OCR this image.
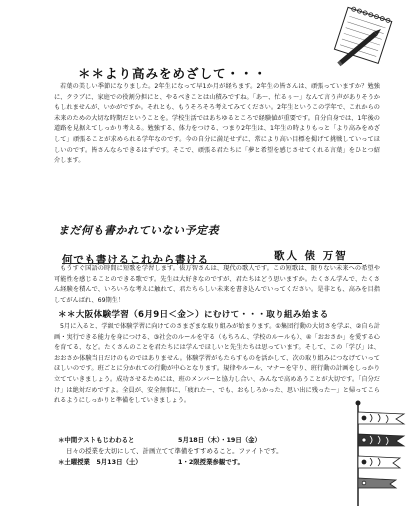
＊＊より高みをめざして・・・

若葉の美しい季節になりました。2年生になって早1か月が経ちます。2年生の皆さんは、頑張っていますか？勉強に、クラブに、家庭での役割分担にと、やるべきことは山積みですね。「あ～、忙るぅ～」なんて言う声がありそうかもしれませんが、いかがですか。それとも、もうそろそろ考えてみてください。2年生というこの学年で、これからの未来のための大切な時期だということを。学校生活ではあちゆるところで経験値が重要です。自分自身では、1年後の道路を見据えてしっかり考える。勉強する、体力をつける、つまり2年生は、1年生の時よりもっと「より高みをめざして」頑張ることが求められる学年なのです。今の自分に満足せずに、常により高い目標を掲げて挑戦していってほしいのです。皆さんならできるはずです。そこで、頑張る君たちに「夢と希望を感じさせてくれる言葉」をひとつ紹介します。

まだ何も書かれていない予定表
何でも書けるこれから書ける	歌人 俵 万智

もうすぐ国語の時間に短歌を学習します。俵万智さんは、現代の歌人です。この短歌は、限りない未来への希望や可能性を感じることのできる歌です。先生は大好きなのですが、君たちはどう思いますか。たくさん学んで、たくさん経験を積んで、いろいろな考えに触れて、君たちらしい未来を書き込んでいってください。是非とも、高みを目指してがんばれ、69期生！

＊＊大阪体験学習（6月9日＜金＞）にむけて・・・取り組み始まる

5月に入ると、学級で体験学習に向けてのさまざまな取り組みが始まります。①集団行動の大切さを学ぶ、②自ら計画・実行できる能力を身につける、③社会のルールを守る（もちろん、学校のルールも）、④「おおさか」を愛する心を育てる、など。たくさんのことを君たちには学んでほしいと先生たちは思っています。そして、この「学び」は、おおさか体験当日だけのものではありません。体験学習がもたらすものを活かして、次の取り組みにつなげていってほしいのです。班ごとに分かれての行動が中心となります。規律やルール、マナーを守り、班行動の計画をしっかり立てていきましょう。成功させるためには、班のメンバーと協力し合い、みんなで高めあうことが大切です。「自分だけ」は絶対だめですよ。全員が、安全無事に、「疲れた～、でも、おもしろかった、思い出に残った～」と帰ってこられるようにしっかりと準備をしていきましょう。

＊中間テストもじわわると	5月18日（木）・19日（金）
日々の授業を大切にして、計画立てて準備をすすめること。ファイトです。
＊土曜授業　5月13日（土）	1・2限授業参観です。
